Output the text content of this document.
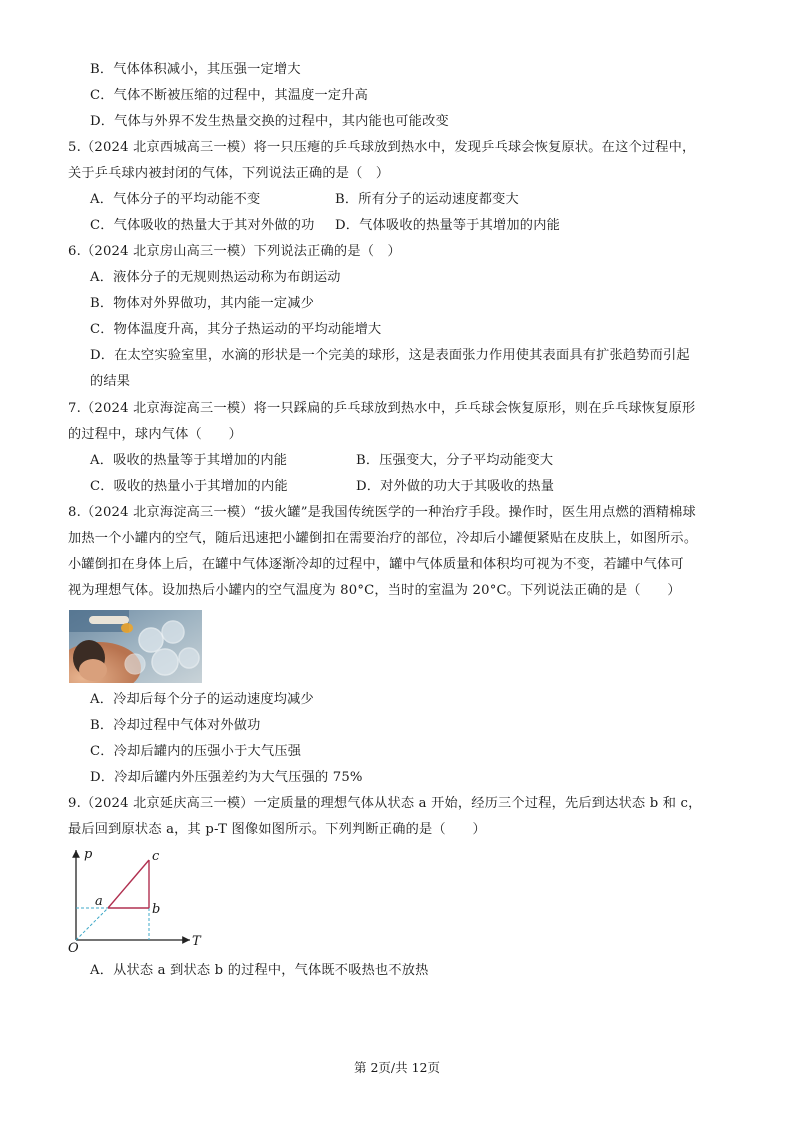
B．气体体积减小，其压强一定增大
C．气体不断被压缩的过程中，其温度一定升高
D．气体与外界不发生热量交换的过程中，其内能也可能改变
5.（2024 北京西城高三一模）将一只压瘪的乒乓球放到热水中，发现乒乓球会恢复原状。在这个过程中，
关于乒乓球内被封闭的气体，下列说法正确的是（　）
A．气体分子的平均动能不变	B．所有分子的运动速度都变大
C．气体吸收的热量大于其对外做的功 D．气体吸收的热量等于其增加的内能
6.（2024 北京房山高三一模）下列说法正确的是（　）
A．液体分子的无规则热运动称为布朗运动
B．物体对外界做功，其内能一定减少
C．物体温度升高，其分子热运动的平均动能增大
D．在太空实验室里，水滴的形状是一个完美的球形，这是表面张力作用使其表面具有扩张趋势而引起
的结果
7.（2024 北京海淀高三一模）将一只踩扁的乒乓球放到热水中，乒乓球会恢复原形，则在乒乓球恢复原形
的过程中，球内气体（　　）
A．吸收的热量等于其增加的内能	B．压强变大，分子平均动能变大
C．吸收的热量小于其增加的内能	D．对外做的功大于其吸收的热量
8.（2024 北京海淀高三一模）“拔火罐”是我国传统医学的一种治疗手段。操作时，医生用点燃的酒精棉球
加热一个小罐内的空气，随后迅速把小罐倒扣在需要治疗的部位，冷却后小罐便紧贴在皮肤上，如图所示。
小罐倒扣在身体上后，在罐中气体逐渐冷却的过程中，罐中气体质量和体积均可视为不变，若罐中气体可
视为理想气体。设加热后小罐内的空气温度为 80°C，当时的室温为 20°C。下列说法正确的是（　　）
A．冷却后每个分子的运动速度均减少
B．冷却过程中气体对外做功
C．冷却后罐内的压强小于大气压强
D．冷却后罐内外压强差约为大气压强的 75%
9.（2024 北京延庆高三一模）一定质量的理想气体从状态 a 开始，经历三个过程，先后到达状态 b 和 c，
最后回到原状态 a，其 p-T 图像如图所示。下列判断正确的是（　　）
p
T
O
a
b
c
A．从状态 a 到状态 b 的过程中，气体既不吸热也不放热
第 2页/共 12页
